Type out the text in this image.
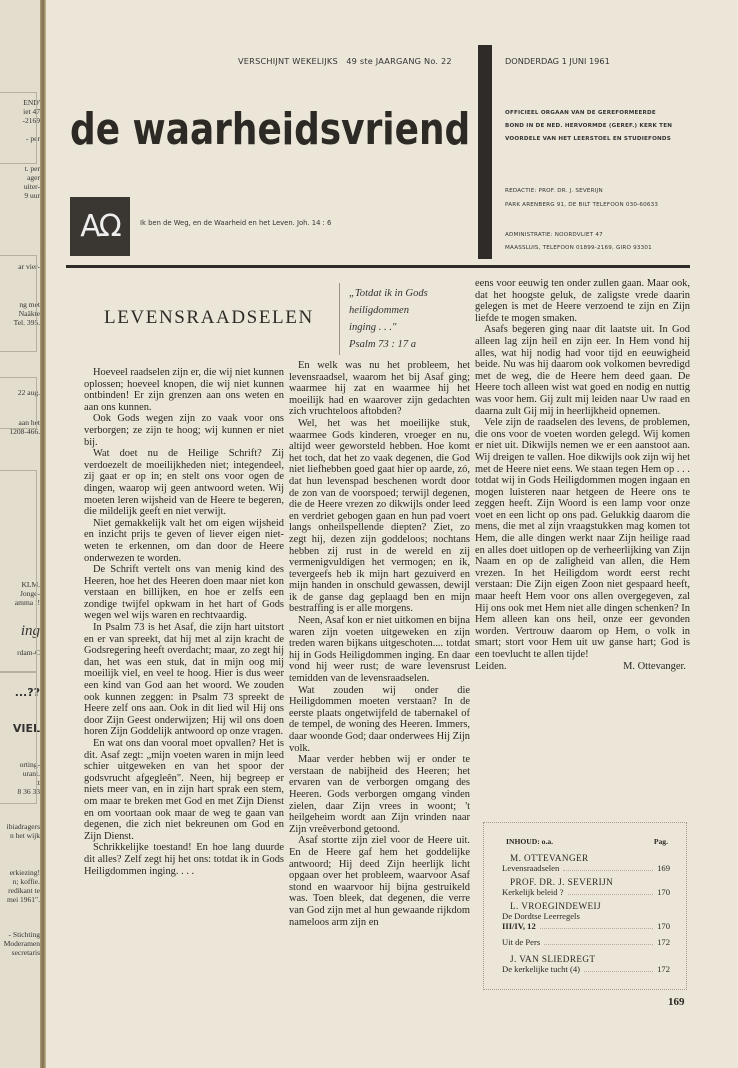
END'
iet 47
-2169
- per
t. per
ager
uiter-
9 uur
ar vier-
ng met
Naäkte
Tel. 395.
22 aug.
aan het
1208-466.
KLM.
Jonge-
amma !!
ing
rdam-C
...??
VIEL
orting-
urant.
tt
8 36 33
ibiadragers
n het wijk
erkiezing!
n; koffie.
redikant te
mei 1961".
- Stichting
Moderamen
secretaris
VERSCHIJNT WEKELIJKS   49 ste JAARGANG No. 22
de waarheidsvriend
DONDERDAG 1 JUNI 1961
OFFICIEEL ORGAAN VAN DE GEREFORMEERDE
BOND IN DE NED. HERVORMDE (GEREF.) KERK TEN
VOORDELE VAN HET LEERSTOEL EN STUDIEFONDS
REDACTIE: PROF. DR. J. SEVERIJN
PARK ARENBERG 91, DE BILT TELEFOON 030-60633
ADMINISTRATIE: NOORDVLIET 47
MAASSLUIS, TELEFOON 01899-2169, GIRO 93301
AΩ	Ik ben de Weg, en de Waarheid en het Leven. Joh. 14 : 6
LEVENSRAADSELEN
„Totdat ik in Gods
heiligdommen
inging . . ."
Psalm 73 : 17 a

Hoeveel raadselen zijn er, die wij niet kunnen oplossen; hoeveel knopen, die wij niet kunnen ontbinden! Er zijn grenzen aan ons weten en aan ons kunnen.

Ook Gods wegen zijn zo vaak voor ons verborgen; ze zijn te hoog; wij kunnen er niet bij.

Wat doet nu de Heilige Schrift? Zij verdoezelt de moeilijkheden niet; integendeel, zij gaat er op in; en stelt ons voor ogen de dingen, waarop wij geen antwoord weten. Wij moeten leren wijsheid van de Heere te begeren, die mildelijk geeft en niet verwijt.

Niet gemakkelijk valt het om eigen wijsheid en inzicht prijs te geven of liever eigen niet-weten te erkennen, om dan door de Heere onderwezen te worden.

De Schrift vertelt ons van menig kind des Heeren, hoe het des Heeren doen maar niet kon verstaan en billijken, en hoe er zelfs een zondige twijfel opkwam in het hart of Gods wegen wel wijs waren en rechtvaardig.

In Psalm 73 is het Asaf, die zijn hart uitstort en er van spreekt, dat hij met al zijn kracht de Godsregering heeft overdacht; maar, zo zegt hij dan, het was een stuk, dat in mijn oog mij moeilijk viel, en veel te hoog. Hier is dus weer een kind van God aan het woord. We zouden ook kunnen zeggen: in Psalm 73 spreekt de Heere zelf ons aan. Ook in dit lied wil Hij ons door Zijn Geest onderwijzen; Hij wil ons doen horen Zijn Goddelijk antwoord op onze vragen.

En wat ons dan vooral moet opvallen? Het is dit. Asaf zegt: „mijn voeten waren in mijn leed schier uitgeweken en van het spoor der godsvrucht afgegleên". Neen, hij begreep er niets meer van, en in zijn hart sprak een stem, om maar te breken met God en met Zijn Dienst en om voortaan ook maar de weg te gaan van degenen, die zich niet bekreunen om God en Zijn Dienst.

Schrikkelijke toestand! En hoe lang duurde dit alles? Zelf zegt hij het ons: totdat ik in Gods Heiligdommen inging. . . .

En welk was nu het probleem, het levensraadsel, waarom het bij Asaf ging; waarmee hij zat en waarmee hij het moeilijk had en waarover zijn gedachten zich vruchteloos aftobden?

Wel, het was het moeilijke stuk, waarmee Gods kinderen, vroeger en nu, altijd weer geworsteld hebben. Hoe komt het toch, dat het zo vaak degenen, die God niet liefhebben goed gaat hier op aarde, zó, dat hun levenspad beschenen wordt door de zon van de voorspoed; terwijl degenen, die de Heere vrezen zo dikwijls onder leed en verdriet gebogen gaan en hun pad voert langs onheilspellende diepten? Ziet, zo zegt hij, dezen zijn goddeloos; nochtans hebben zij rust in de wereld en zij vermenigvuldigen het vermogen; en ik, tevergeefs heb ik mijn hart gezuiverd en mijn handen in onschuld gewassen, dewijl ik de ganse dag geplaagd ben en mijn bestraffing is er alle morgens.

Neen, Asaf kon er niet uitkomen en bijna waren zijn voeten uitgeweken en zijn treden waren bijkans uitgeschoten.... totdat hij in Gods Heiligdommen inging. En daar vond hij weer rust; de ware levensrust temidden van de levensraadselen.

Wat zouden wij onder die Heiligdommen moeten verstaan? In de eerste plaats ongetwijfeld de tabernakel of de tempel, de woning des Heeren. Immers, daar woonde God; daar onderwees Hij Zijn volk.

Maar verder hebben wij er onder te verstaan de nabijheid des Heeren; het ervaren van de verborgen omgang des Heeren. Gods verborgen omgang vinden zielen, daar Zijn vrees in woont; 't heilgeheim wordt aan Zijn vrinden naar Zijn vreêverbond getoond.

Asaf stortte zijn ziel voor de Heere uit. En de Heere gaf hem het goddelijke antwoord; Hij deed Zijn heerlijk licht opgaan over het probleem, waarvoor Asaf stond en waarvoor hij bijna gestruikeld was. Toen bleek, dat degenen, die verre van God zijn met al hun gewaande rijkdom nameloos arm zijn en

eens voor eeuwig ten onder zullen gaan. Maar ook, dat het hoogste geluk, de zaligste vrede daarin gelegen is met de Heere verzoend te zijn en Zijn liefde te mogen smaken.

Asafs begeren ging naar dit laatste uit. In God alleen lag zijn heil en zijn eer. In Hem vond hij alles, wat hij nodig had voor tijd en eeuwigheid beide. Nu was hij daarom ook volkomen bevredigd met de weg, die de Heere hem deed gaan. De Heere toch alleen wist wat goed en nodig en nuttig was voor hem. Gij zult mij leiden naar Uw raad en daarna zult Gij mij in heerlijkheid opnemen.

Vele zijn de raadselen des levens, de problemen, die ons voor de voeten worden gelegd. Wij komen er niet uit. Dikwijls nemen we er een aanstoot aan. Wij dreigen te vallen. Hoe dikwijls ook zijn wij het met de Heere niet eens. We staan tegen Hem op . . . totdat wij in Gods Heiligdommen mogen ingaan en mogen luisteren naar hetgeen de Heere ons te zeggen heeft. Zijn Woord is een lamp voor onze voet en een licht op ons pad. Gelukkig daarom die mens, die met al zijn vraagstukken mag komen tot Hem, die alle dingen werkt naar Zijn heilige raad en alles doet uitlopen op de verheerlijking van Zijn Naam en op de zaligheid van allen, die Hem vrezen. In het Heiligdom wordt eerst recht verstaan: Die Zijn eigen Zoon niet gespaard heeft, maar heeft Hem voor ons allen overgegeven, zal Hij ons ook met Hem niet alle dingen schenken? In Hem alleen kan ons heil, onze eer gevonden worden. Vertrouw daarom op Hem, o volk in smart; stort voor Hem uit uw ganse hart; God is een toevlucht te allen tijde!

Leiden.	M. Ottevanger.
INHOUD: o.a.	Pag.
M. OTTEVANGER
Levensraadselen	169
PROF. DR. J. SEVERIJN
Kerkelijk beleid ?	170
L. VROEGINDEWEIJ
De Dordtse Leerregels
III/IV, 12	170
Uit de Pers	172
J. VAN SLIEDREGT
De kerkelijke tucht (4)	172
169
